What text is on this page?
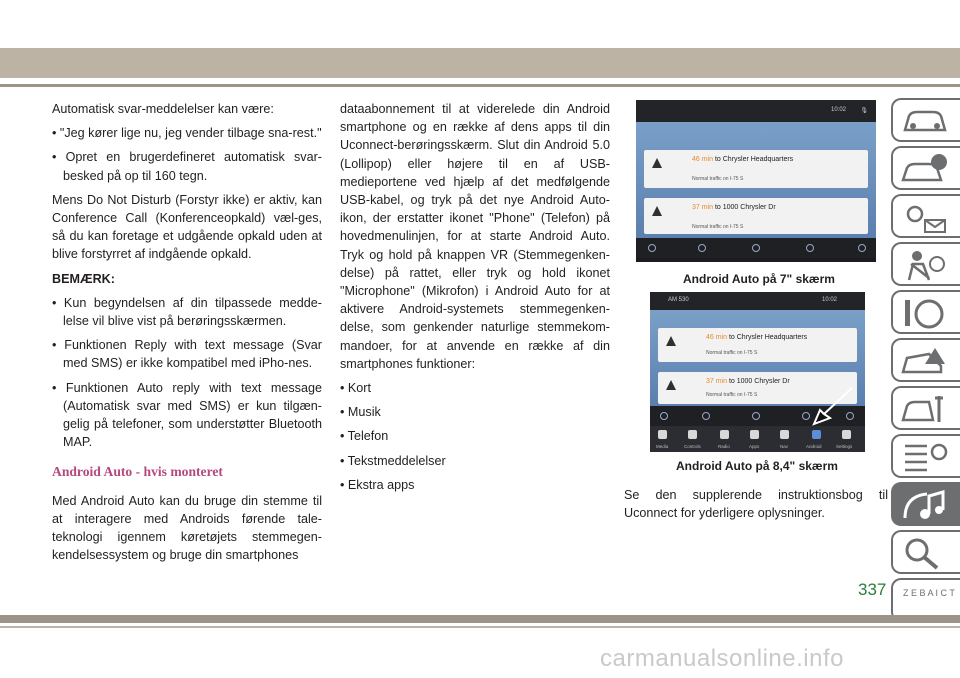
Automatisk svar-meddelelser kan være:

• "Jeg kører lige nu, jeg vender tilbage sna-rest."

• Opret en brugerdefineret automatisk svar-besked på op til 160 tegn.

Mens Do Not Disturb (Forstyr ikke) er aktiv, kan Conference Call (Konferenceopkald) væl-ges, så du kan foretage et udgående opkald uden at blive forstyrret af indgående opkald.

BEMÆRK:

• Kun begyndelsen af din tilpassede medde-lelse vil blive vist på berøringsskærmen.

• Funktionen Reply with text message (Svar med SMS) er ikke kompatibel med iPho-nes.

• Funktionen Auto reply with text message (Automatisk svar med SMS) er kun tilgæn-gelig på telefoner, som understøtter Bluetooth MAP.

Android Auto - hvis monteret

Med Android Auto kan du bruge din stemme til at interagere med Androids førende tale-teknologi igennem køretøjets stemmegen-kendelsessystem og bruge din smartphones

dataabonnement til at viderelede din Android smartphone og en række af dens apps til din Uconnect-berøringsskærm. Slut din Android 5.0 (Lollipop) eller højere til en af USB-medieportene ved hjælp af det medfølgende USB-kabel, og tryk på det nye Android Auto-ikon, der erstatter ikonet "Phone" (Telefon) på hovedmenulinjen, for at starte Android Auto. Tryk og hold på knappen VR (Stemmegenken-delse) på rattet, eller tryk og hold ikonet "Microphone" (Mikrofon) i Android Auto for at aktivere Android-systemets stemmegenken-delse, som genkender naturlige stemmekom-mandoer, for at anvende en række af din smartphones funktioner:

• Kort

• Musik

• Telefon

• Tekstmeddelelser

• Ekstra apps

10:02 🎙
46 min to Chrysler Headquarters
Normal traffic on I-75 S
37 min to 1000 Chrysler Dr
Normal traffic on I-75 S
Android Auto på 7" skærm
AM 530	10:02
46 min to Chrysler Headquarters
Normal traffic on I-75 S
37 min to 1000 Chrysler Dr
Normal traffic on I-75 S
Media	Controls	Radio	Apps	Nav	Android	Settings
Android Auto på 8,4" skærm

Se den supplerende instruktionsbog til Uconnect for yderligere oplysninger.

Z E B A I C T
337
carmanualsonline.info
